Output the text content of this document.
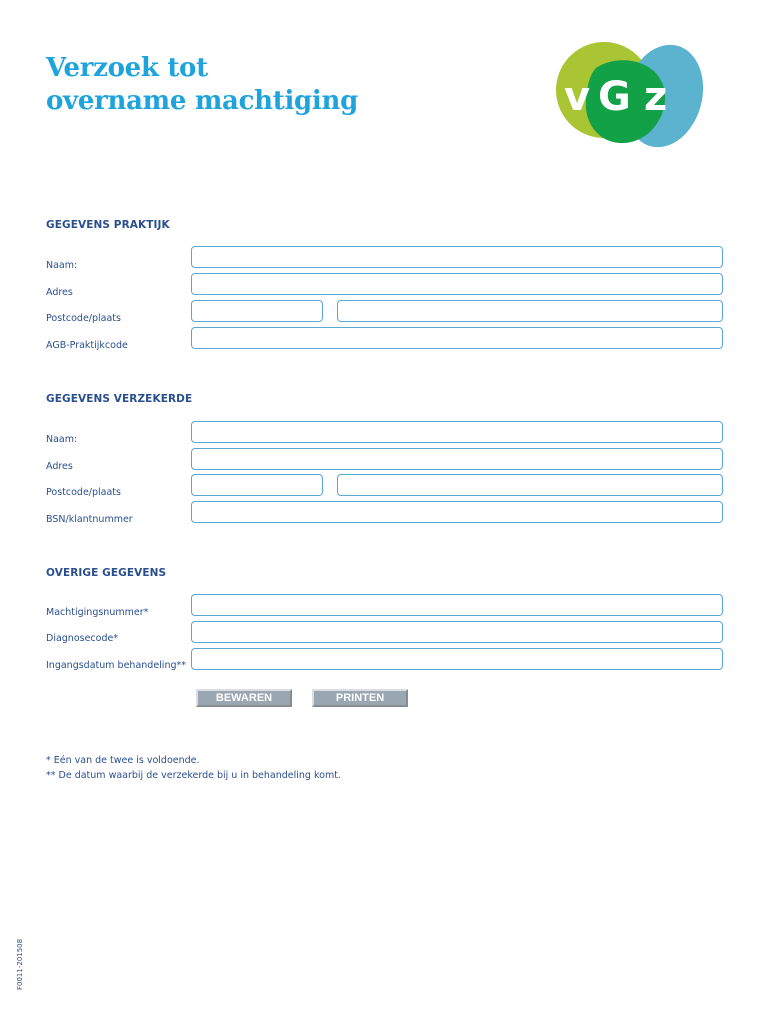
Verzoek tot
overname machtiging	v G z
GEGEVENS PRAKTIJK
Naam:
Adres
Postcode/plaats
AGB-Praktijkcode
GEGEVENS VERZEKERDE
Naam:
Adres
Postcode/plaats
BSN/klantnummer
OVERIGE GEGEVENS
Machtigingsnummer*
Diagnosecode*
Ingangsdatum behandeling**
BEWAREN	PRINTEN

* Eén van de twee is voldoende.

** De datum waarbij de verzekerde bij u in behandeling komt.

F0011-201508
